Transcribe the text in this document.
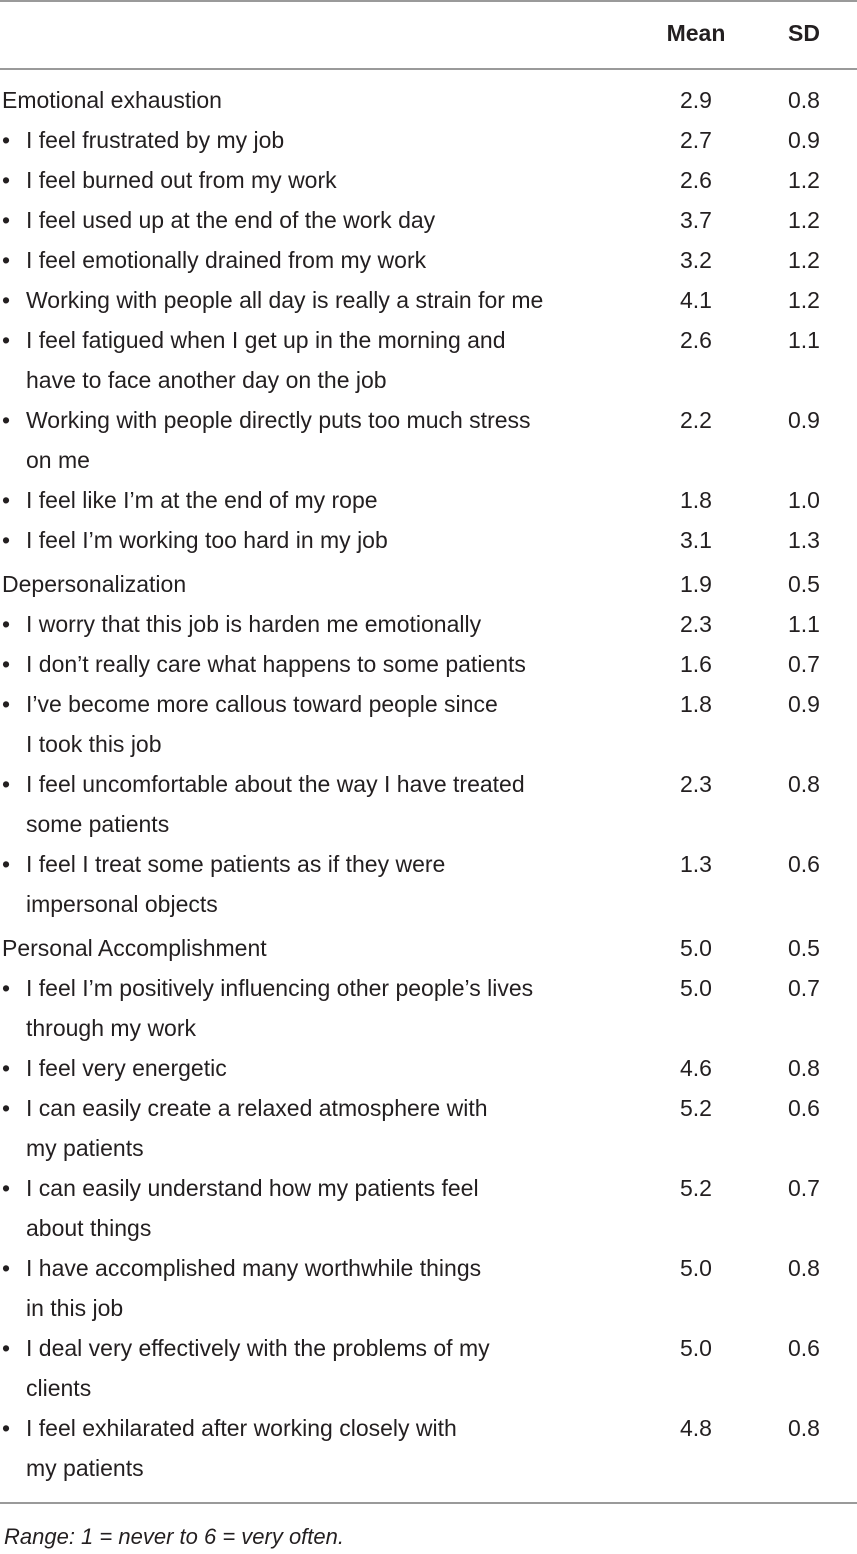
Mean	SD
Emotional exhaustion	2.9	0.8
• I feel frustrated by my job	2.7	0.9
• I feel burned out from my work	2.6	1.2
• I feel used up at the end of the work day	3.7	1.2
• I feel emotionally drained from my work	3.2	1.2
• Working with people all day is really a strain for me	4.1	1.2
• I feel fatigued when I get up in the morning and
have to face another day on the job
2.6	1.1
• Working with people directly puts too much stress
on me
2.2	0.9
• I feel like I’m at the end of my rope	1.8	1.0
• I feel I’m working too hard in my job	3.1	1.3
Depersonalization	1.9	0.5
• I worry that this job is harden me emotionally	2.3	1.1
• I don’t really care what happens to some patients	1.6	0.7
• I’ve become more callous toward people since
I took this job
1.8	0.9
• I feel uncomfortable about the way I have treated
some patients
2.3	0.8
• I feel I treat some patients as if they were
impersonal objects
1.3	0.6
Personal Accomplishment	5.0	0.5
• I feel I’m positively influencing other people’s lives
through my work
5.0	0.7
• I feel very energetic	4.6	0.8
• I can easily create a relaxed atmosphere with
my patients
5.2	0.6
• I can easily understand how my patients feel
about things
5.2	0.7
• I have accomplished many worthwhile things
in this job
5.0	0.8
• I deal very effectively with the problems of my
clients
5.0	0.6
• I feel exhilarated after working closely with
my patients
4.8	0.8
Range: 1 = never to 6 = very often.
